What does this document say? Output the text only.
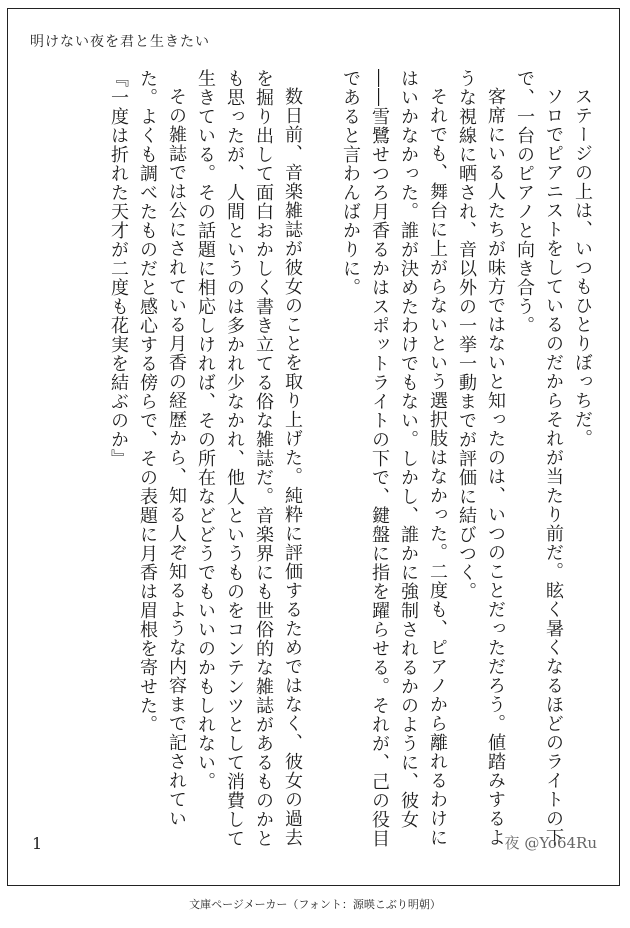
明けない夜を君と生きたい

ステージの上は、いつもひとりぼっちだ。

ソロでピアニストをしているのだからそれが当たり前だ。眩く暑くなるほどのライトの下で、一台のピアノと向き合う。

客席にいる人たちが味方ではないと知ったのは、いつのことだっただろう。値踏みするような視線に晒され、音以外の一挙一動までが評価に結びつく。

それでも、舞台に上がらないという選択肢はなかった。二度も、ピアノから離れるわけにはいかなかった。誰が決めたわけでもない。しかし、誰かに強制されるかのように、彼女――雪鷺せつろ月香るかはスポットライトの下で、鍵盤に指を躍らせる。それが、己の役目であると言わんばかりに。

数日前、音楽雑誌が彼女のことを取り上げた。純粋に評価するためではなく、彼女の過去を掘り出して面白おかしく書き立てる俗な雑誌だ。音楽界にも世俗的な雑誌があるものかとも思ったが、人間というのは多かれ少なかれ、他人というものをコンテンツとして消費して生きている。その話題に相応しければ、その所在などどうでもいいのかもしれない。

その雑誌では公にされている月香の経歴から、知る人ぞ知るような内容まで記されていた。よくも調べたものだと感心する傍らで、その表題に月香は眉根を寄せた。

『一度は折れた天才が二度も花実を結ぶのか』

1	夜 @Yo64Ru
文庫ページメーカー（フォント：源暎こぶり明朝）
